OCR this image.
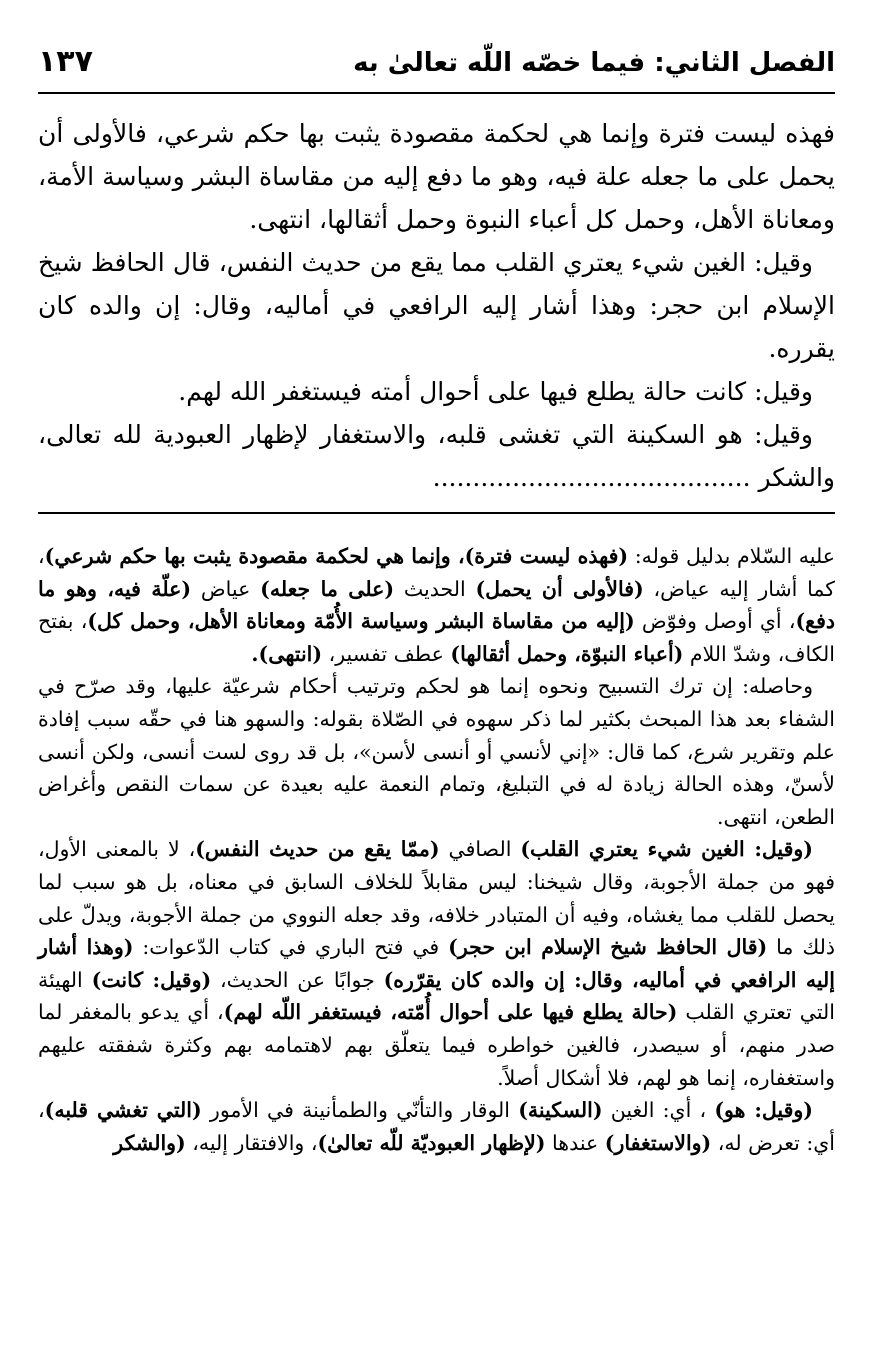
الفصل الثاني: فيما خصّه اللّه تعالىٰ به
١٣٧

فهذه ليست فترة وإنما هي لحكمة مقصودة يثبت بها حكم شرعي، فالأولى أن يحمل على ما جعله علة فيه، وهو ما دفع إليه من مقاساة البشر وسياسة الأمة، ومعاناة الأهل، وحمل كل أعباء النبوة وحمل أثقالها، انتهى.

وقيل: الغين شيء يعتري القلب مما يقع من حديث النفس، قال الحافظ شيخ الإسلام ابن حجر: وهذا أشار إليه الرافعي في أماليه، وقال: إن والده كان يقرره.

وقيل: كانت حالة يطلع فيها على أحوال أمته فيستغفر الله لهم.

وقيل: هو السكينة التي تغشى قلبه، والاستغفار لإظهار العبودية لله تعالى، والشكر ........................................

عليه السّلام بدليل قوله: (فهذه ليست فترة)، وإنما هي لحكمة مقصودة يثبت بها حكم شرعي)، كما أشار إليه عياض، (فالأولى أن يحمل) الحديث (على ما جعله) عياض (علّة فيه، وهو ما دفع)، أي أوصل وفوّض (إليه من مقاساة البشر وسياسة الأُمّة ومعاناة الأهل، وحمل كل)، بفتح الكاف، وشدّ اللام (أعباء النبوّة، وحمل أثقالها) عطف تفسير، (انتهى).

وحاصله: إن ترك التسبيح ونحوه إنما هو لحكم وترتيب أحكام شرعيّة عليها، وقد صرّح في الشفاء بعد هذا المبحث بكثير لما ذكر سهوه في الصّلاة بقوله: والسهو هنا في حقّه سبب إفادة علم وتقرير شرع، كما قال: «إني لأنسي أو أنسى لأسن»، بل قد روى لست أنسى، ولكن أنسى لأسنّ، وهذه الحالة زيادة له في التبليغ، وتمام النعمة عليه بعيدة عن سمات النقص وأغراض الطعن، انتهى.

(وقيل: الغين شيء يعتري القلب) الصافي (ممّا يقع من حديث النفس)، لا بالمعنى الأول، فهو من جملة الأجوبة، وقال شيخنا: ليس مقابلاً للخلاف السابق في معناه، بل هو سبب لما يحصل للقلب مما يغشاه، وفيه أن المتبادر خلافه، وقد جعله النووي من جملة الأجوبة، ويدلّ على ذلك ما (قال الحافظ شيخ الإسلام ابن حجر) في فتح الباري في كتاب الدّعوات: (وهذا أشار إليه الرافعي في أماليه، وقال: إن والده كان يقرّره) جوابًا عن الحديث، (وقيل: كانت) الهيئة التي تعتري القلب (حالة يطلع فيها على أحوال أُمّته، فيستغفر اللّه لهم)، أي يدعو بالمغفر لما صدر منهم، أو سيصدر، فالغين خواطره فيما يتعلّق بهم لاهتمامه بهم وكثرة شفقته عليهم واستغفاره، إنما هو لهم، فلا أشكال أصلاً.

(وقيل: هو) ، أي: الغين (السكينة) الوقار والتأنّي والطمأنينة في الأمور (التي تغشي قلبه)، أي: تعرض له، (والاستغفار) عندها (لإظهار العبوديّة للّه تعالىٰ)، والافتقار إليه، (والشكر
